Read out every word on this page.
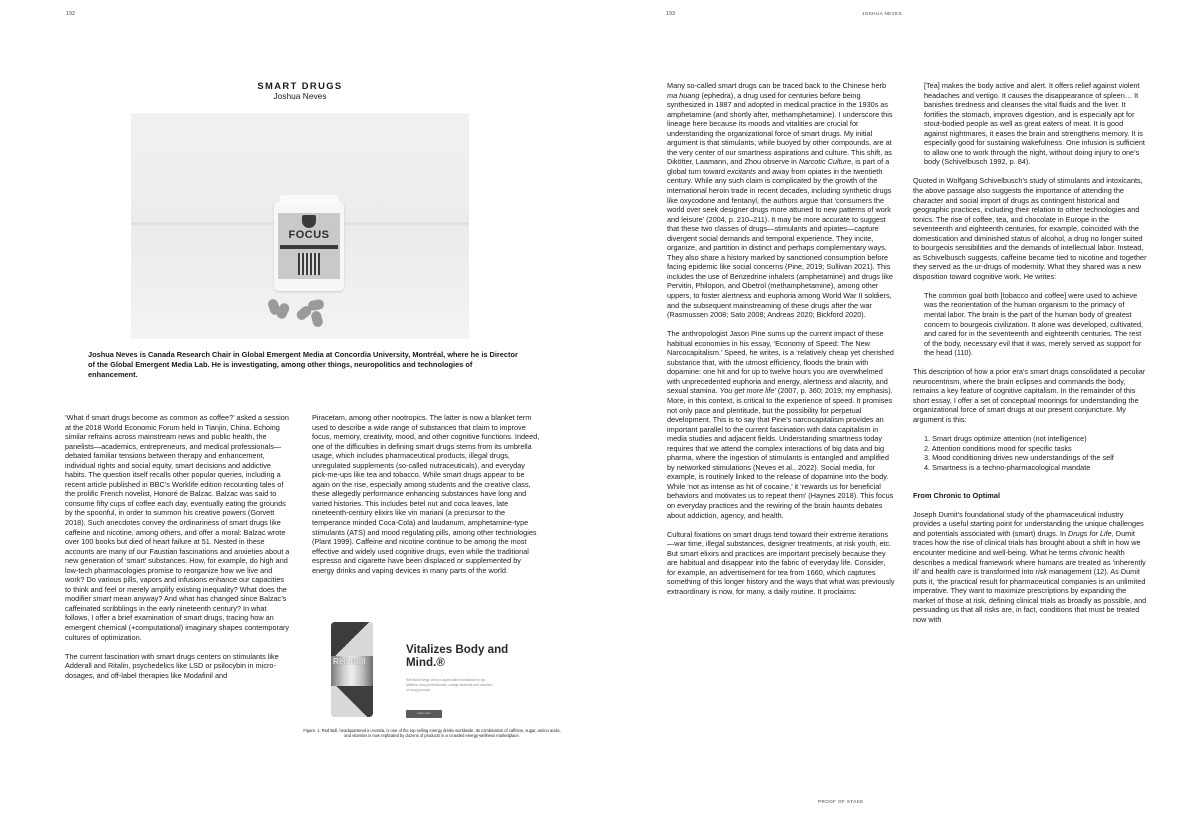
192
SMART DRUGS
Joshua Neves
FOCUS
Joshua Neves is Canada Research Chair in Global Emergent Media at Concordia University, Montréal, where he is Director of the Global Emergent Media Lab. He is investigating, among other things, neuropolitics and technologies of enhancement.

‘What if smart drugs become as common as coffee?’ asked a session at the 2018 World Economic Forum held in Tianjin, China. Echoing similar refrains across mainstream news and public health, the panelists—academics, entrepreneurs, and medical professionals—debated familiar tensions between therapy and enhancement, individual rights and social equity, smart decisions and addictive habits. The question itself recalls other popular queries, including a recent article published in BBC’s Worklife edition recounting tales of the prolific French novelist, Honoré de Balzac. Balzac was said to consume fifty cups of coffee each day, eventually eating the grounds by the spoonful, in order to summon his creative powers (Gorvett 2018). Such anecdotes convey the ordinariness of smart drugs like caffeine and nicotine, among others, and offer a moral: Balzac wrote over 100 books but died of heart failure at 51. Nested in these accounts are many of our Faustian fascinations and anxieties about a new generation of ‘smart’ substances. How, for example, do high and low-tech pharmacologies promise to reorganize how we live and work? Do various pills, vapors and infusions enhance our capacities to think and feel or merely amplify existing inequality? What does the modifier smart mean anyway? And what has changed since Balzac’s caffeinated scribblings in the early nineteenth century? In what follows, I offer a brief examination of smart drugs, tracing how an emergent chemical (+computational) imaginary shapes contemporary cultures of optimization.

The current fascination with smart drugs centers on stimulants like Adderall and Ritalin, psychedelics like LSD or psilocybin in micro-dosages, and off-label therapies like Modafinil and

Piracetam, among other nootropics. The latter is now a blanket term used to describe a wide range of substances that claim to improve focus, memory, creativity, mood, and other cognitive functions. Indeed, one of the difficulties in defining smart drugs stems from its umbrella usage, which includes pharmaceutical products, illegal drugs, unregulated supplements (so-called nutraceuticals), and everyday pick-me-ups like tea and tobacco. While smart drugs appear to be again on the rise, especially among students and the creative class, these allegedly performance enhancing substances have long and varied histories. This includes betel nut and coca leaves, late nineteenth-century elixirs like vin mariani (a precursor to the temperance minded Coca-Cola) and laudanum, amphetamine-type stimulants (ATS) and mood regulating pills, among other technologies (Plant 1999). Caffeine and nicotine continue to be among the most effective and widely used cognitive drugs, even while the traditional espresso and cigarette have been displaced or supplemented by energy drinks and vaping devices in many parts of the world.

Red Bull
Vitalizes Body and Mind.®
Red Bull Energy Drink is appreciated worldwide by top athletes, busy professionals, college students and travelers on long journeys.
Learn more
Figure. 1: Red Bull, headquartered in Austria, is one of the top selling energy drinks worldwide. Its combination of caffeine, sugar, amino acids, and vitamins is now replicated by dozens of products in a crowded energy-wellness marketplace.
193	JOSHUA NEVES

Many so-called smart drugs can be traced back to the Chinese herb ma huang (ephedra), a drug used for centuries before being synthesized in 1887 and adopted in medical practice in the 1930s as amphetamine (and shortly after, methamphetamine). I underscore this lineage here because its moods and vitalities are crucial for understanding the organizational force of smart drugs. My initial argument is that stimulants, while buoyed by other compounds, are at the very center of our smartness aspirations and culture. This shift, as Dikötter, Laamann, and Zhou observe in Narcotic Culture, is part of a global turn toward excitants and away from opiates in the twentieth century. While any such claim is complicated by the growth of the international heroin trade in recent decades, including synthetic drugs like oxycodone and fentanyl, the authors argue that ‘consumers the world over seek designer drugs more attuned to new patterns of work and leisure’ (2004, p. 210–211). It may be more accurate to suggest that these two classes of drugs—stimulants and opiates—capture divergent social demands and temporal experience. They incite, organize, and partition in distinct and perhaps complementary ways. They also share a history marked by sanctioned consumption before facing epidemic like social concerns (Pine, 2019; Sullivan 2021). This includes the use of Benzedrine inhalers (amphetamine) and drugs like Pervitin, Philopon, and Obetrol (methamphetamine), among other uppers, to foster alertness and euphoria among World War II soldiers, and the subsequent mainstreaming of these drugs after the war (Rasmussen 2008; Sato 2008; Andreas 2020; Bickford 2020).

The anthropologist Jason Pine sums up the current impact of these habitual economies in his essay, ‘Economy of Speed: The New Narcocapitalism.’ Speed, he writes, is a ‘relatively cheap yet cherished substance that, with the utmost efficiency, floods the brain with dopamine: one hit and for up to twelve hours you are overwhelmed with unprecedented euphoria and energy, alertness and alacrity, and sexual stamina. You get more life’ (2007, p. 360; 2019; my emphasis). More, in this context, is critical to the experience of speed. It promises not only pace and plentitude, but the possibility for perpetual development. This is to say that Pine’s narcocapitalism provides an important parallel to the current fascination with data capitalism in media studies and adjacent fields. Understanding smartness today requires that we attend the complex interactions of big data and big pharma, where the ingestion of stimulants is entangled and amplified by networked stimulations (Neves et al., 2022). Social media, for example, is routinely linked to the release of dopamine into the body. While ‘not as intense as hit of cocaine,’ it ‘rewards us for beneficial behaviors and motivates us to repeat them’ (Haynes 2018). This focus on everyday practices and the rewiring of the brain haunts debates about addiction, agency, and health.

Cultural fixations on smart drugs tend toward their extreme iterations—war time, illegal substances, designer treatments, at risk youth, etc. But smart elixirs and practices are important precisely because they are habitual and disappear into the fabric of everyday life. Consider, for example, an advertisement for tea from 1660, which captures something of this longer history and the ways that what was previously extraordinary is now, for many, a daily routine. It proclaims:

[Tea] makes the body active and alert. It offers relief against violent headaches and vertigo. It causes the disappearance of spleen… It banishes tiredness and cleanses the vital fluids and the liver. It fortifies the stomach, improves digestion, and is especially apt for stout-bodied people as well as great eaters of meat. It is good against nightmares, it eases the brain and strengthens memory. It is especially good for sustaining wakefulness. One infusion is sufficient to allow one to work through the night, without doing injury to one’s body (Schivelbusch 1992, p. 84).

Quoted in Wolfgang Schivelbusch’s study of stimulants and intoxicants, the above passage also suggests the importance of attending the character and social import of drugs as contingent historical and geographic practices, including their relation to other technologies and tonics. The rise of coffee, tea, and chocolate in Europe in the seventeenth and eighteenth centuries, for example, coincided with the domestication and diminished status of alcohol, a drug no longer suited to bourgeois sensibilities and the demands of intellectual labor. Instead, as Schivelbusch suggests, caffeine became tied to nicotine and together they served as the ur-drugs of modernity. What they shared was a new disposition toward cognitive work. He writes:

The common goal both [tobacco and coffee] were used to achieve was the reorientation of the human organism to the primacy of mental labor. The brain is the part of the human body of greatest concern to bourgeois civilization. It alone was developed, cultivated, and cared for in the seventeenth and eighteenth centuries. The rest of the body, necessary evil that it was, merely served as support for the head (110).

This description of how a prior era’s smart drugs consolidated a peculiar neurocentrism, where the brain eclipses and commands the body, remains a key feature of cognitive capitalism. In the remainder of this short essay, I offer a set of conceptual moorings for understanding the organizational force of smart drugs at our present conjuncture. My argument is this:

1. Smart drugs optimize attention (not intelligence)
2. Attention conditions mood for specific tasks
3. Mood conditioning drives new understandings of the self
4. Smartness is a techno-pharmacological mandate
From Chronic to Optimal

Joseph Dumit’s foundational study of the pharmaceutical industry provides a useful starting point for understanding the unique challenges and potentials associated with (smart) drugs. In Drugs for Life, Dumit traces how the rise of clinical trials has brought about a shift in how we encounter medicine and well-being. What he terms chronic health describes a medical framework where humans are treated as ‘inherently ill’ and health care is transformed into risk management (12). As Dumit puts it, ‘the practical result for pharmaceutical companies is an unlimited imperative. They want to maximize prescriptions by expanding the market of those at risk, defining clinical trials as broadly as possible, and persuading us that all risks are, in fact, conditions that must be treated now with

PROOF OF STAKE
